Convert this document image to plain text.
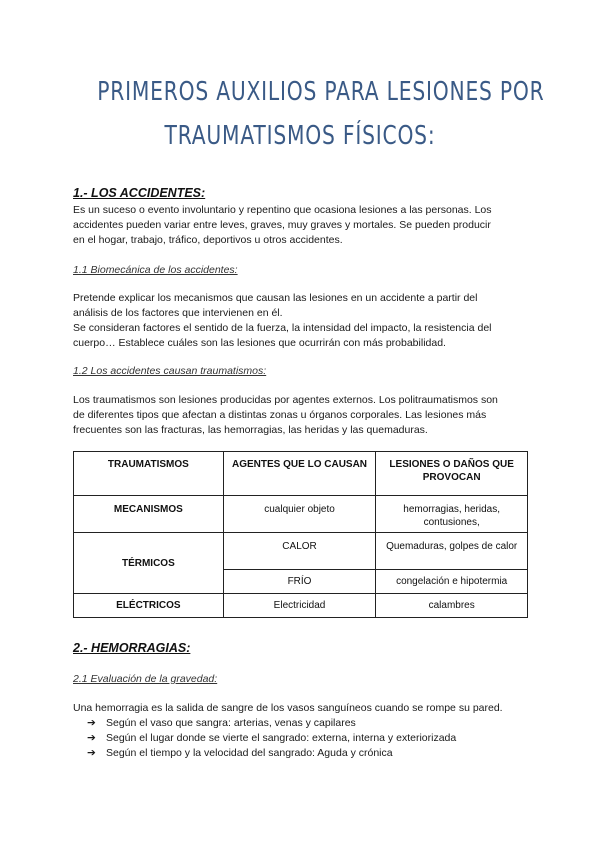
PRIMEROS AUXILIOS PARA LESIONES POR
TRAUMATISMOS FÍSICOS:
1.- LOS ACCIDENTES:

Es un suceso o evento involuntario y repentino que ocasiona lesiones a las personas. Los

accidentes pueden variar entre leves, graves, muy graves y mortales. Se pueden producir

en el hogar, trabajo, tráfico, deportivos u otros accidentes.

1.1 Biomecánica de los accidentes:

Pretende explicar los mecanismos que causan las lesiones en un accidente a partir del

análisis de los factores que intervienen en él.

Se consideran factores el sentido de la fuerza, la intensidad del impacto, la resistencia del

cuerpo… Establece cuáles son las lesiones que ocurrirán con más probabilidad.

1.2 Los accidentes causan traumatismos:

Los traumatismos son lesiones producidas por agentes externos. Los politraumatismos son

de diferentes tipos que afectan a distintas zonas u órganos corporales. Las lesiones más

frecuentes son las fracturas, las hemorragias, las heridas y las quemaduras.

TRAUMATISMOS	AGENTES QUE LO CAUSAN	LESIONES O DAÑOS QUE PROVOCAN
MECANISMOS	cualquier objeto	hemorragias, heridas, contusiones,
TÉRMICOS	CALOR	Quemaduras, golpes de calor
	FRÍO	congelación e hipotermia
ELÉCTRICOS	Electricidad	calambres
2.- HEMORRAGIAS:
2.1 Evaluación de la gravedad:

Una hemorragia es la salida de sangre de los vasos sanguíneos cuando se rompe su pared.

➔ Según el vaso que sangra: arterias, venas y capilares
➔ Según el lugar donde se vierte el sangrado: externa, interna y exteriorizada
➔ Según el tiempo y la velocidad del sangrado: Aguda y crónica
